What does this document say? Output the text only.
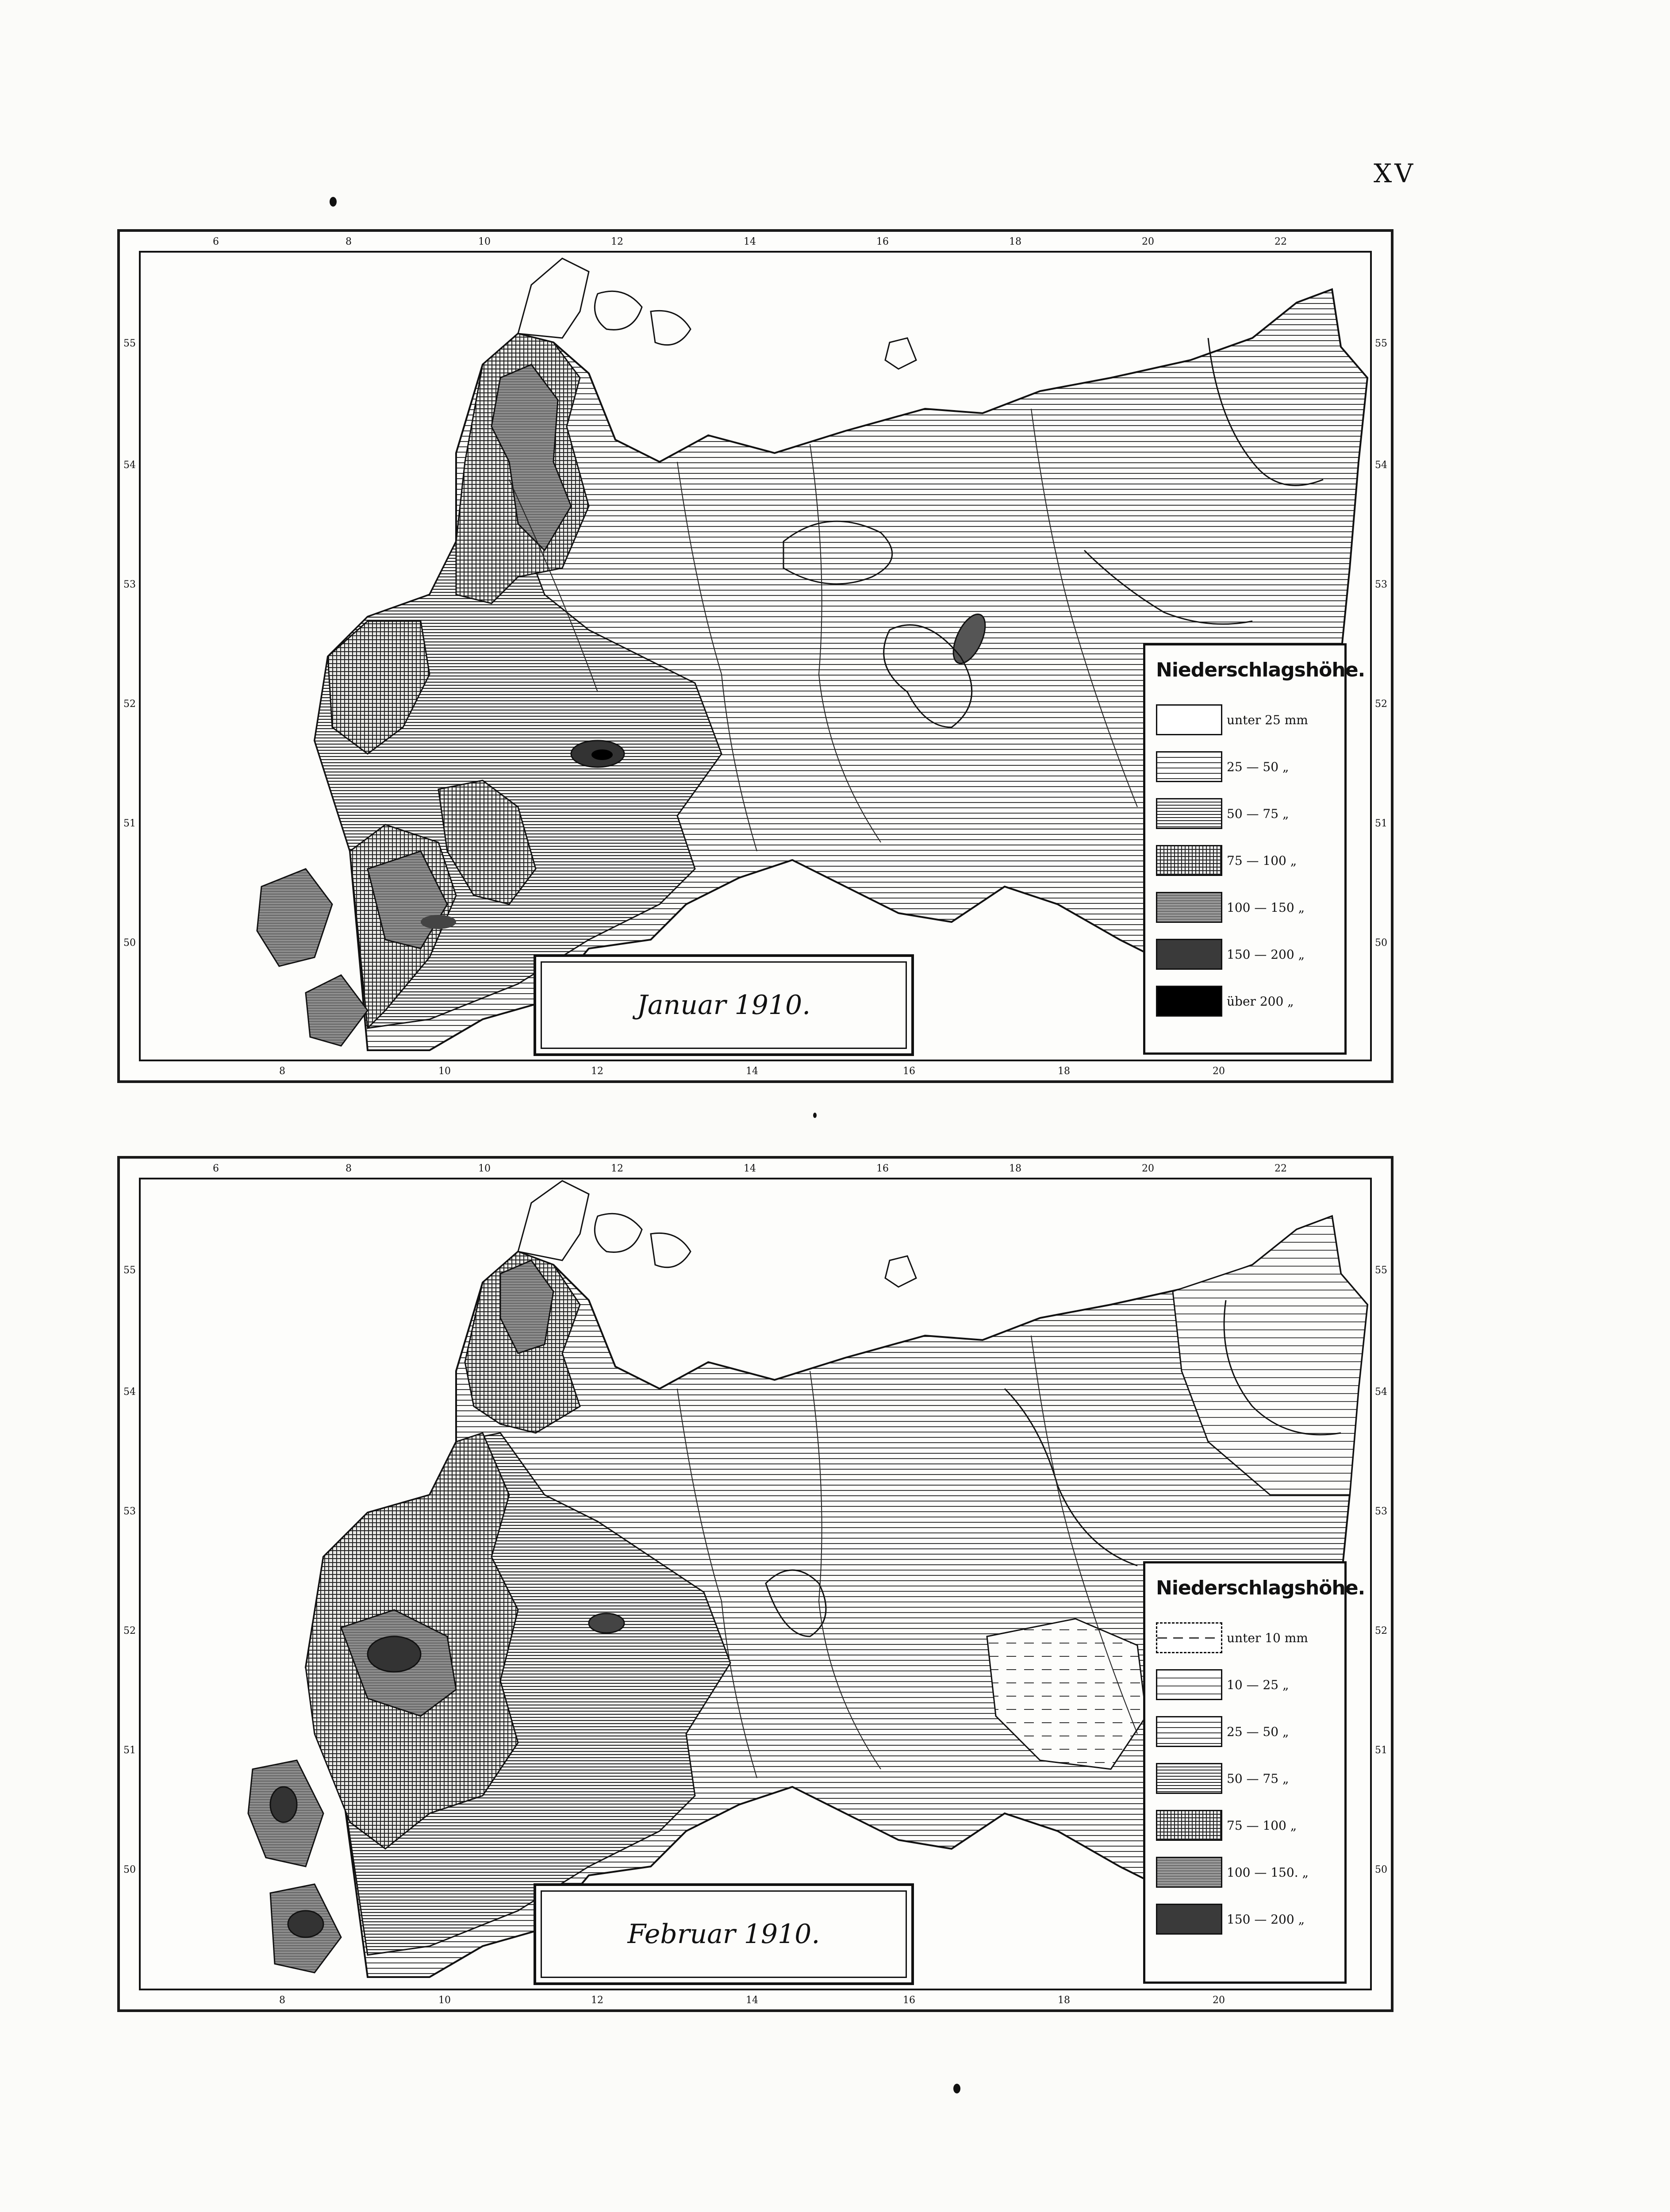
XV
6	8	10	12	14	16	18	20	22
8	10	12	14	16	18	20
55
54
53
52
51
50
55
54
53
52
51
50
Januar 1910.
Niederschlagshöhe.
unter 25 mm
25 — 50 „
50 — 75 „
75 — 100 „
100 — 150 „
150 — 200 „
über 200 „
6	8	10	12	14	16	18	20	22
8	10	12	14	16	18	20
55
54
53
52
51
50
55
54
53
52
51
50
Februar 1910.
Niederschlagshöhe.
unter 10 mm
10 — 25 „
25 — 50 „
50 — 75 „
75 — 100 „
100 — 150. „
150 — 200 „
